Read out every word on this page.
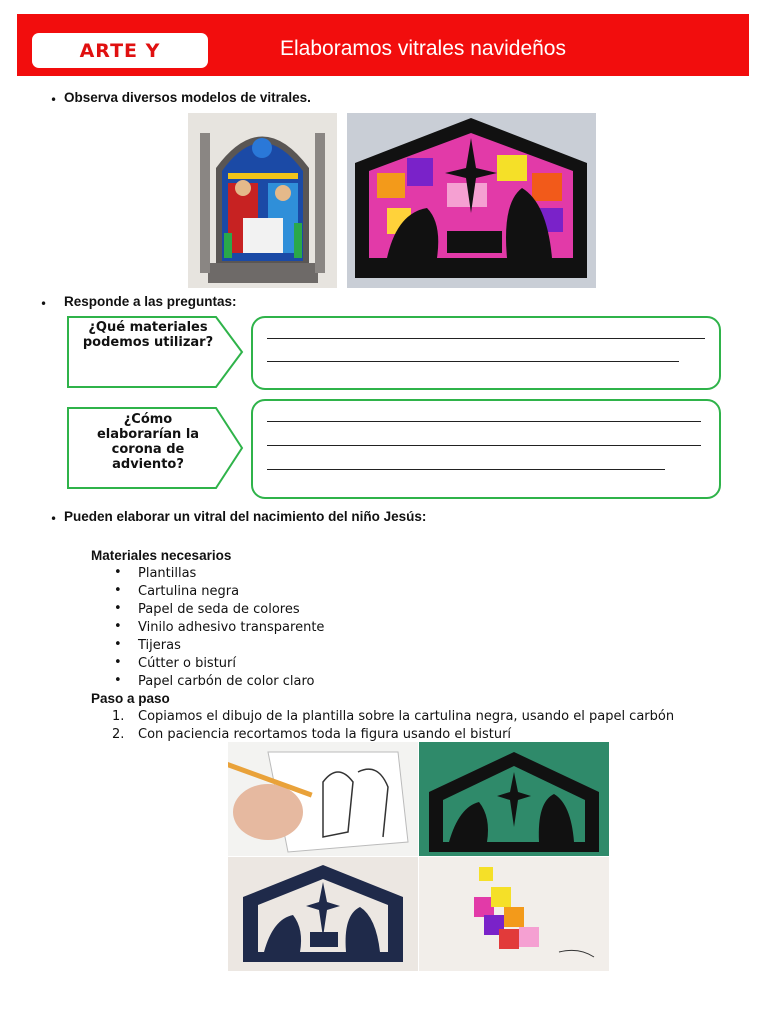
ARTE Y	Elaboramos vitrales navideños
• Observa diversos modelos de vitrales.
• Responde a las preguntas:
¿Qué materiales podemos utilizar?
¿Cómo elaborarían la corona de adviento?
• Pueden elaborar un vitral del nacimiento del niño Jesús:
Materiales necesarios
• Plantillas
• Cartulina negra
• Papel de seda de colores
• Vinilo adhesivo transparente
• Tijeras
• Cútter o bisturí
• Papel carbón de color claro
Paso a paso
1. Copiamos el dibujo de la plantilla sobre la cartulina negra, usando el papel carbón
2. Con paciencia recortamos toda la figura usando el bisturí
